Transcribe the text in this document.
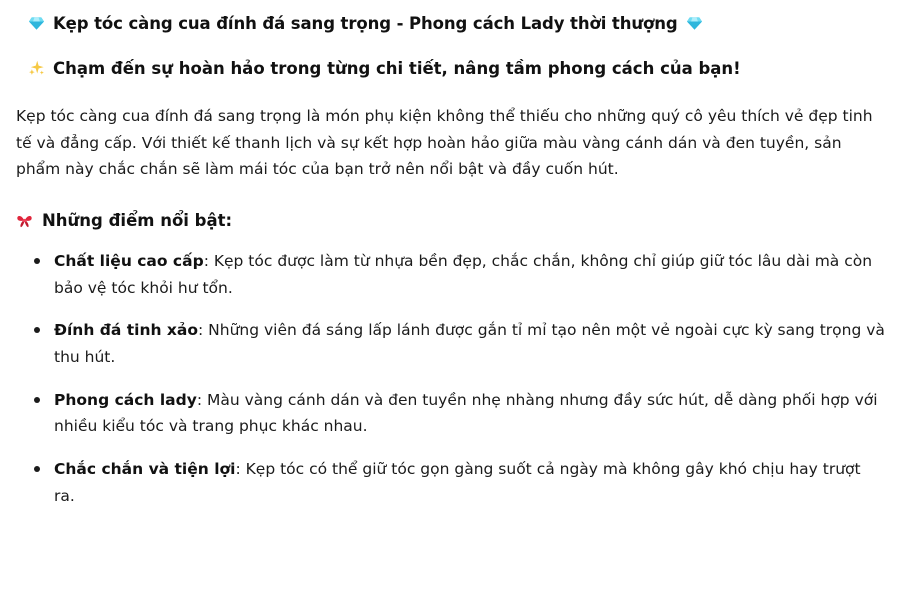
Kẹp tóc càng cua đính đá sang trọng - Phong cách Lady thời thượng
Chạm đến sự hoàn hảo trong từng chi tiết, nâng tầm phong cách của bạn!

Kẹp tóc càng cua đính đá sang trọng là món phụ kiện không thể thiếu cho những quý cô yêu thích vẻ đẹp tinh tế và đẳng cấp. Với thiết kế thanh lịch và sự kết hợp hoàn hảo giữa màu vàng cánh dán và đen tuyền, sản phẩm này chắc chắn sẽ làm mái tóc của bạn trở nên nổi bật và đầy cuốn hút.

Những điểm nổi bật:
Chất liệu cao cấp: Kẹp tóc được làm từ nhựa bền đẹp, chắc chắn, không chỉ giúp giữ tóc lâu dài mà còn bảo vệ tóc khỏi hư tổn.
Đính đá tinh xảo: Những viên đá sáng lấp lánh được gắn tỉ mỉ tạo nên một vẻ ngoài cực kỳ sang trọng và thu hút.
Phong cách lady: Màu vàng cánh dán và đen tuyền nhẹ nhàng nhưng đầy sức hút, dễ dàng phối hợp với nhiều kiểu tóc và trang phục khác nhau.
Chắc chắn và tiện lợi: Kẹp tóc có thể giữ tóc gọn gàng suốt cả ngày mà không gây khó chịu hay trượt ra.
